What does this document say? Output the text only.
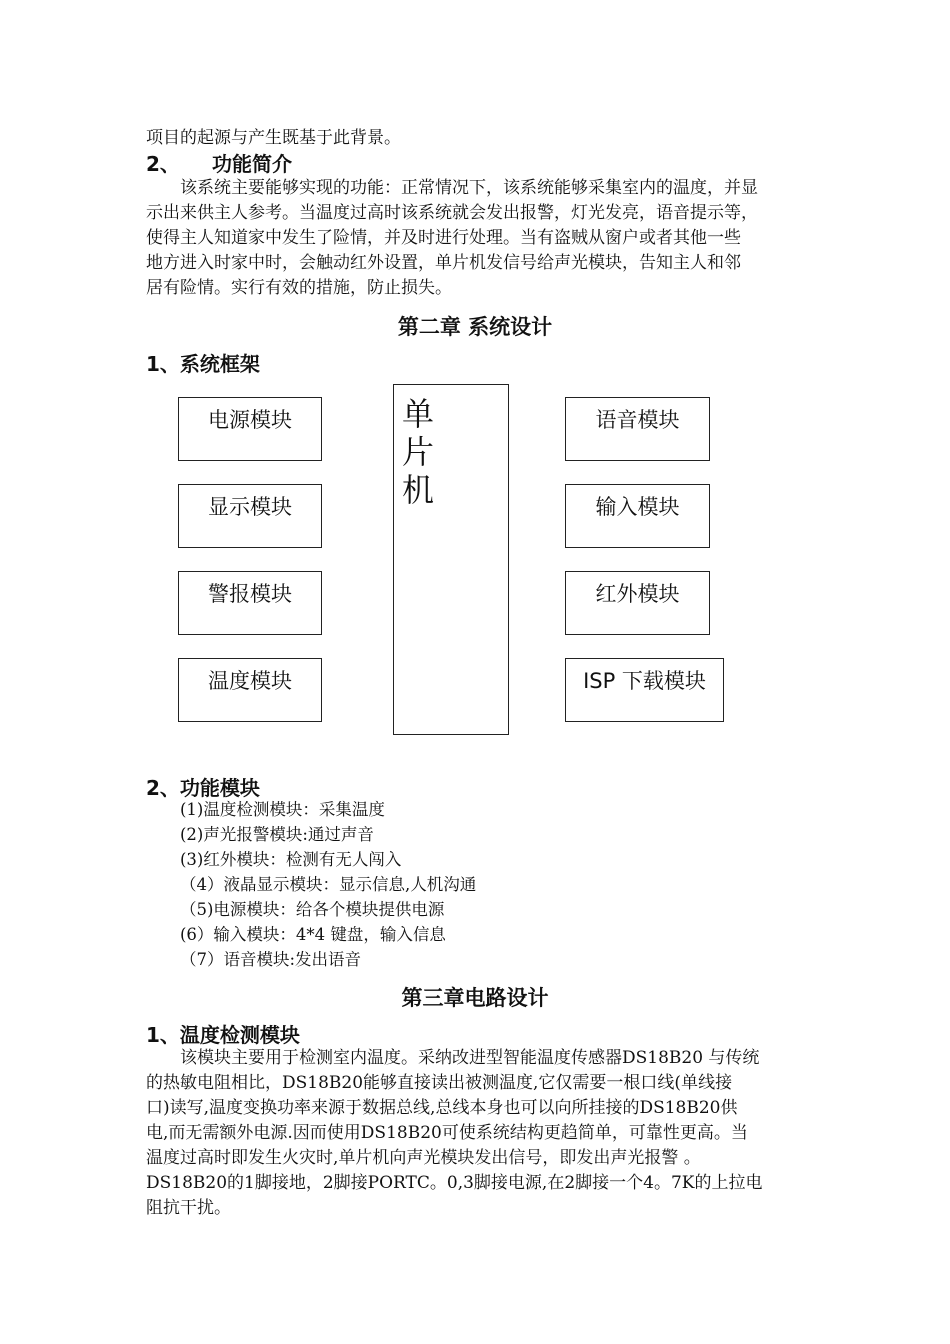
项目的起源与产生既基于此背景。
2、 功能简介
　　该系统主要能够实现的功能：正常情况下，该系统能够采集室内的温度，并显
示出来供主人参考。当温度过高时该系统就会发出报警，灯光发亮，语音提示等，
使得主人知道家中发生了险情，并及时进行处理。当有盗贼从窗户或者其他一些
地方进入时家中时，会触动红外设置，单片机发信号给声光模块，告知主人和邻
居有险情。实行有效的措施，防止损失。
第二章 系统设计
1、系统框架
电源模块
显示模块
警报模块
温度模块
单
片
机
语音模块
输入模块
红外模块
ISP 下载模块
2、功能模块
(1)温度检测模块：采集温度
(2)声光报警模块:通过声音
(3)红外模块：检测有无人闯入
（4）液晶显示模块：显示信息,人机沟通
（5)电源模块：给各个模块提供电源
(6）输入模块：4*4 键盘，输入信息
（7）语音模块:发出语音
第三章电路设计
1、温度检测模块
　　该模块主要用于检测室内温度。采纳改进型智能温度传感器DS18B20 与传统
的热敏电阻相比，DS18B20能够直接读出被测温度,它仅需要一根口线(单线接
口)读写,温度变换功率来源于数据总线,总线本身也可以向所挂接的DS18B20供
电,而无需额外电源.因而使用DS18B20可使系统结构更趋简单，可靠性更高。当
温度过高时即发生火灾时,单片机向声光模块发出信号，即发出声光报警 。
DS18B20的1脚接地，2脚接PORTC。0,3脚接电源,在2脚接一个4。7K的上拉电
阻抗干扰。
